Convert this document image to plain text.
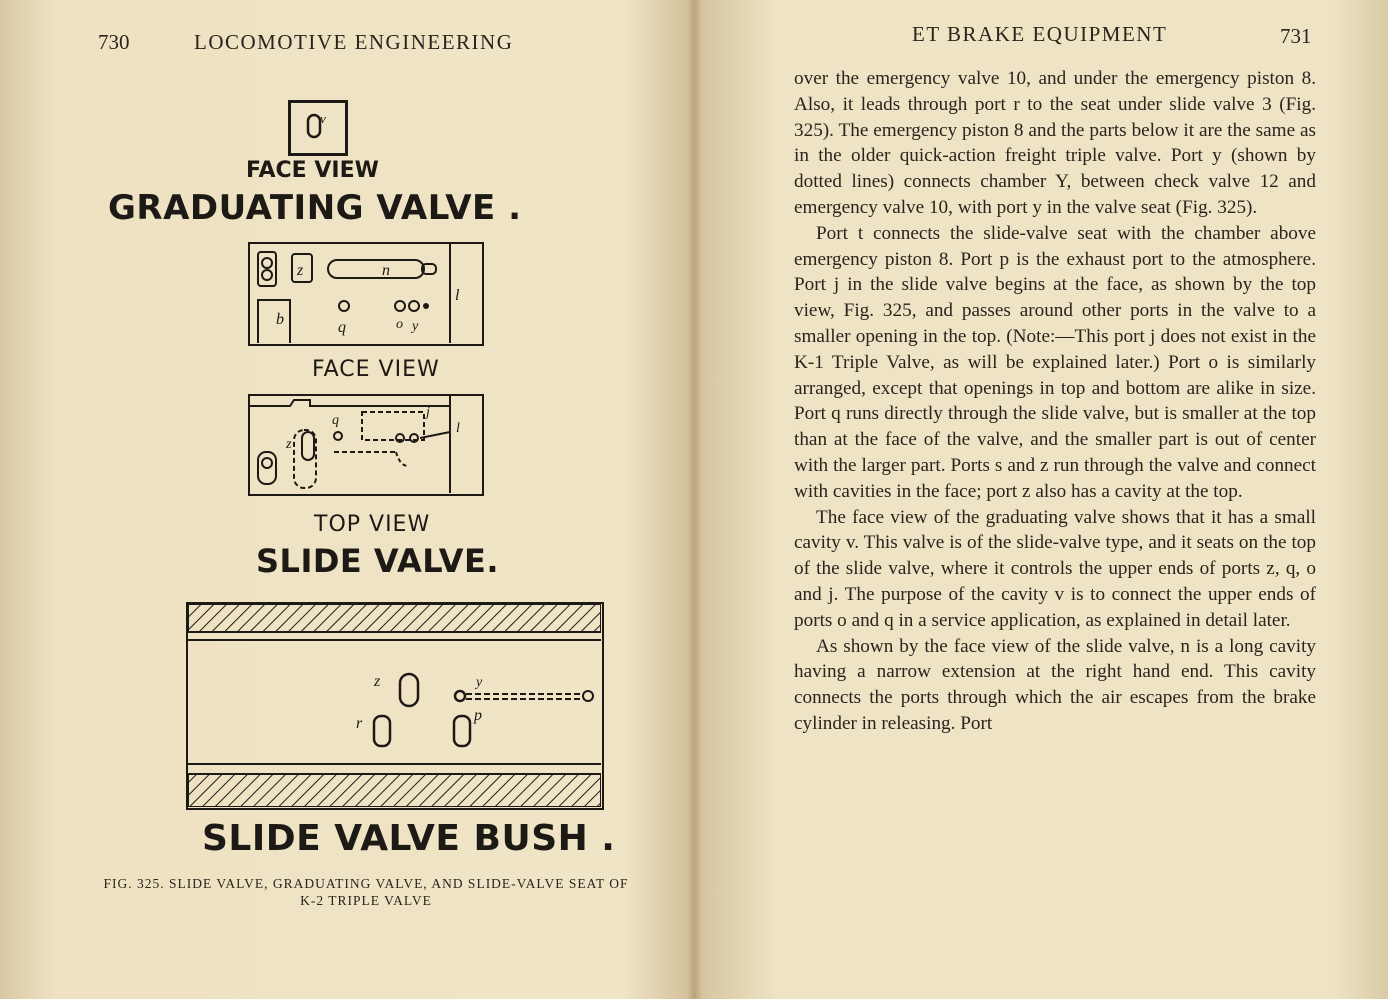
730	LOCOMOTIVE ENGINEERING
v
FACE VIEW
GRADUATING VALVE .
z	n
l
b	q	o y
FACE VIEW
z
q
j
l
TOP VIEW
SLIDE VALVE.
z
r	p
y
SLIDE VALVE BUSH .
FIG. 325. SLIDE VALVE, GRADUATING VALVE, AND SLIDE-VALVE SEAT OF K-2 TRIPLE VALVE
ET BRAKE EQUIPMENT	731

over the emergency valve 10, and under the emergency piston 8. Also, it leads through port r to the seat under slide valve 3 (Fig. 325). The emergency piston 8 and the parts below it are the same as in the older quick-action freight triple valve. Port y (shown by dotted lines) connects chamber Y, between check valve 12 and emergency valve 10, with port y in the valve seat (Fig. 325).

Port t connects the slide-valve seat with the chamber above emergency piston 8. Port p is the exhaust port to the atmosphere. Port j in the slide valve begins at the face, as shown by the top view, Fig. 325, and passes around other ports in the valve to a smaller opening in the top. (Note:—This port j does not exist in the K-1 Triple Valve, as will be explained later.) Port o is similarly arranged, except that openings in top and bottom are alike in size. Port q runs directly through the slide valve, but is smaller at the top than at the face of the valve, and the smaller part is out of center with the larger part. Ports s and z run through the valve and connect with cavities in the face; port z also has a cavity at the top.

The face view of the graduating valve shows that it has a small cavity v. This valve is of the slide-valve type, and it seats on the top of the slide valve, where it controls the upper ends of ports z, q, o and j. The purpose of the cavity v is to connect the upper ends of ports o and q in a service application, as explained in detail later.

As shown by the face view of the slide valve, n is a long cavity having a narrow extension at the right hand end. This cavity connects the ports through which the air escapes from the brake cylinder in releasing. Port
